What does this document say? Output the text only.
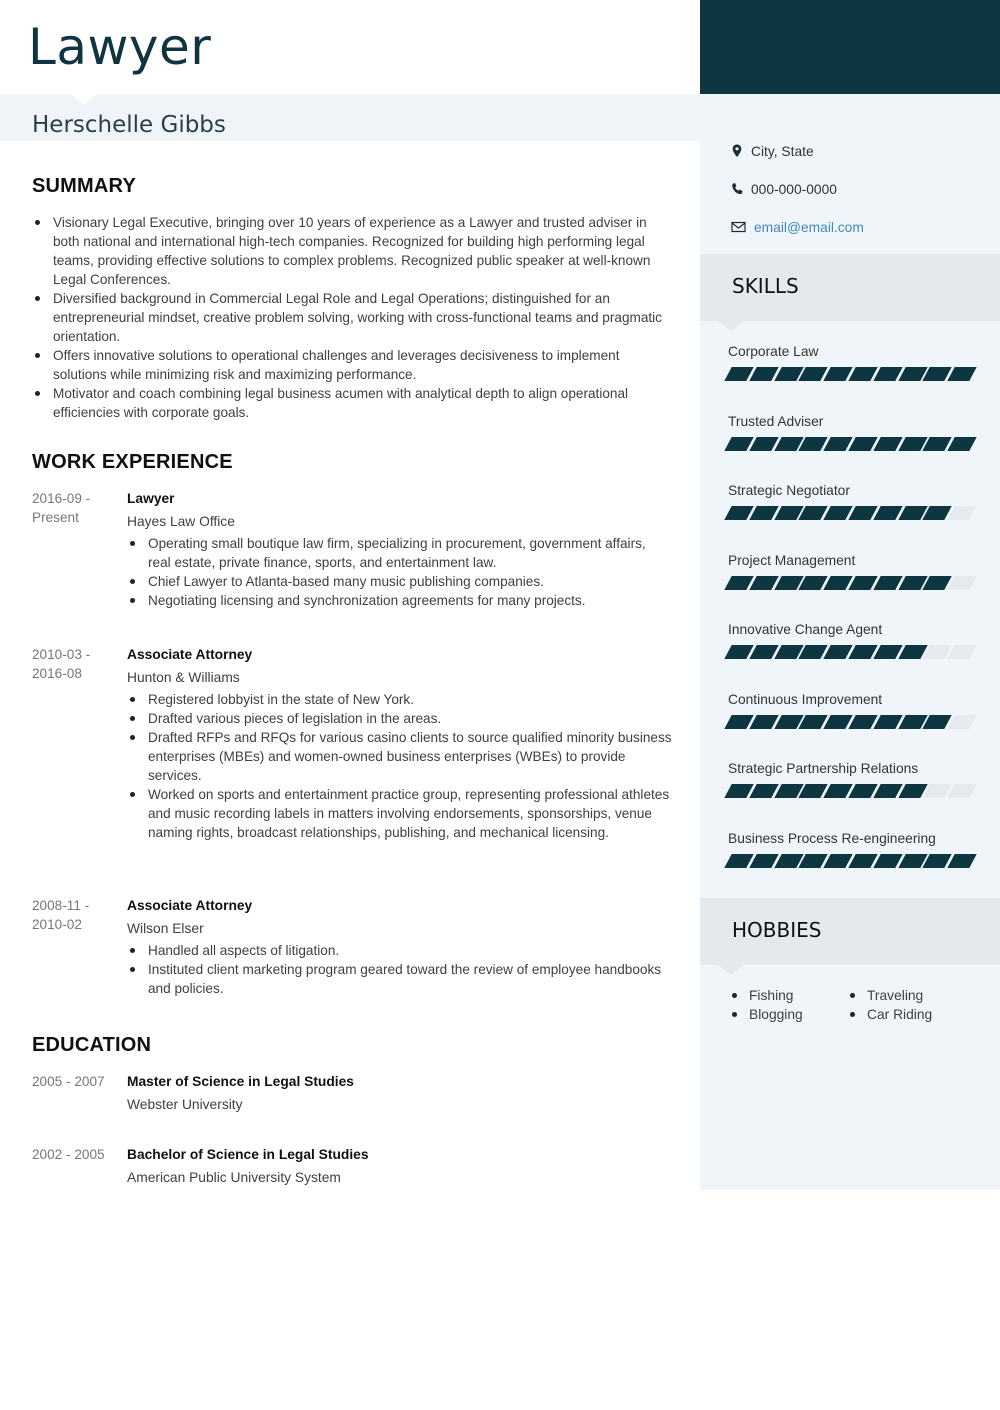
Lawyer
Herschelle Gibbs
SUMMARY
Visionary Legal Executive, bringing over 10 years of experience as a Lawyer and trusted adviser in both national and international high-tech companies. Recognized for building high performing legal teams, providing effective solutions to complex problems. Recognized public speaker at well-known Legal Conferences.
Diversified background in Commercial Legal Role and Legal Operations; distinguished for an entrepreneurial mindset, creative problem solving, working with cross-functional teams and pragmatic orientation.
Offers innovative solutions to operational challenges and leverages decisiveness to implement solutions while minimizing risk and maximizing performance.
Motivator and coach combining legal business acumen with analytical depth to align operational efficiencies with corporate goals.
WORK EXPERIENCE
2016-09 -
Present
Lawyer
Hayes Law Office
Operating small boutique law firm, specializing in procurement, government affairs, real estate, private finance, sports, and entertainment law.
Chief Lawyer to Atlanta-based many music publishing companies.
Negotiating licensing and synchronization agreements for many projects.
2010-03 -
2016-08
Associate Attorney
Hunton & Williams
Registered lobbyist in the state of New York.
Drafted various pieces of legislation in the areas.
Drafted RFPs and RFQs for various casino clients to source qualified minority business enterprises (MBEs) and women-owned business enterprises (WBEs) to provide services.
Worked on sports and entertainment practice group, representing professional athletes and music recording labels in matters involving endorsements, sponsorships, venue naming rights, broadcast relationships, publishing, and mechanical licensing.
2008-11 -
2010-02
Associate Attorney
Wilson Elser
Handled all aspects of litigation.
Instituted client marketing program geared toward the review of employee handbooks and policies.
EDUCATION
2005 - 2007	Master of Science in Legal Studies
Webster University
2002 - 2005	Bachelor of Science in Legal Studies
American Public University System
City, State
000-000-0000
email@email.com
SKILLS
Corporate Law
Trusted Adviser
Strategic Negotiator
Project Management
Innovative Change Agent
Continuous Improvement
Strategic Partnership Relations
Business Process Re-engineering
HOBBIES
Fishing	Traveling
Blogging	Car Riding
